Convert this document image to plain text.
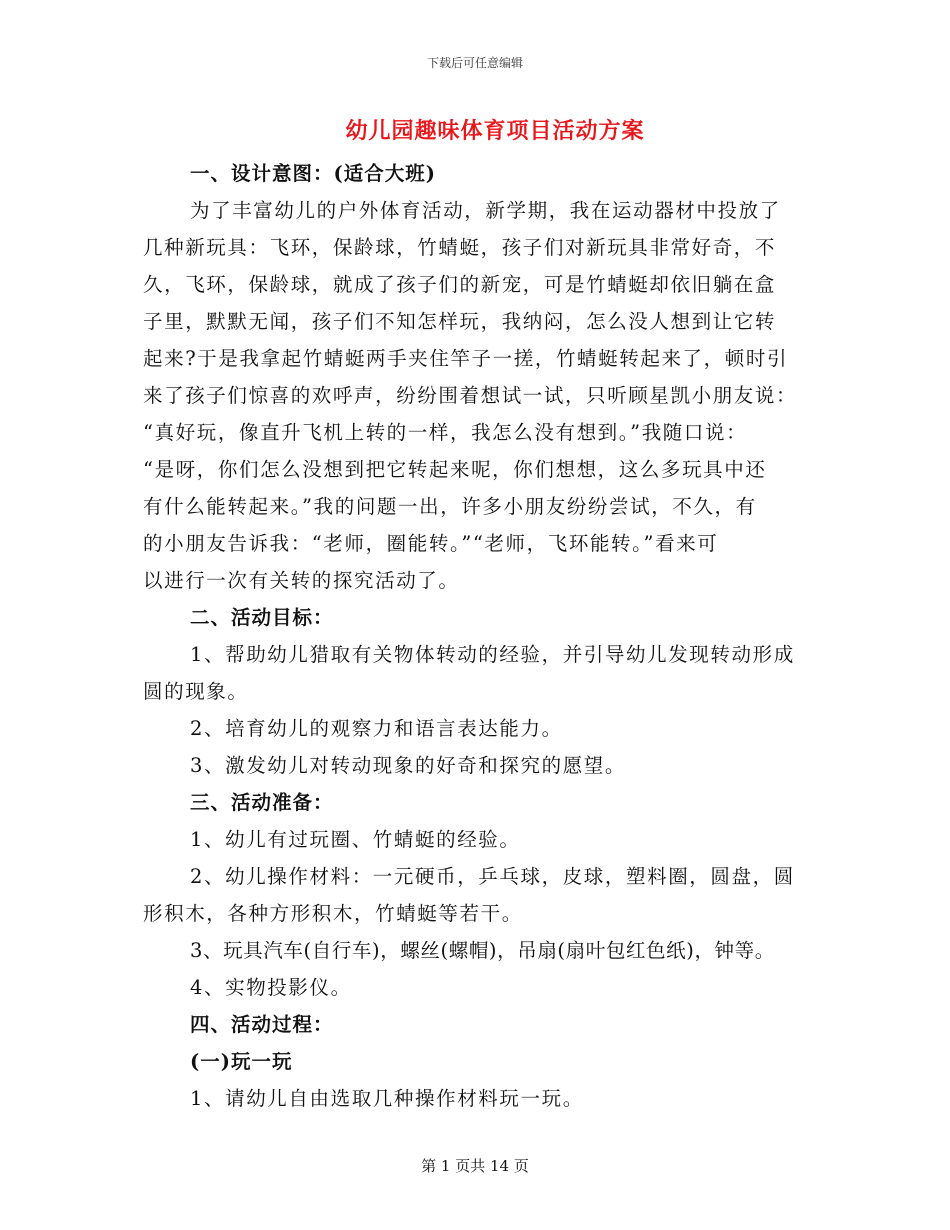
下载后可任意编辑
幼儿园趣味体育项目活动方案
一、设计意图：(适合大班)
为了丰富幼儿的户外体育活动，新学期，我在运动器材中投放了
几种新玩具：飞环，保龄球，竹蜻蜓，孩子们对新玩具非常好奇，不
久，飞环，保龄球，就成了孩子们的新宠，可是竹蜻蜓却依旧躺在盒
子里，默默无闻，孩子们不知怎样玩，我纳闷，怎么没人想到让它转
起来?于是我拿起竹蜻蜓两手夹住竿子一搓，竹蜻蜓转起来了，顿时引
来了孩子们惊喜的欢呼声，纷纷围着想试一试，只听顾星凯小朋友说：
“真好玩，像直升飞机上转的一样，我怎么没有想到。”我随口说：
“是呀，你们怎么没想到把它转起来呢，你们想想，这么多玩具中还
有什么能转起来。”我的问题一出，许多小朋友纷纷尝试，不久，有
的小朋友告诉我：“老师，圈能转。”“老师，飞环能转。”看来可
以进行一次有关转的探究活动了。
二、活动目标：
1、帮助幼儿猎取有关物体转动的经验，并引导幼儿发现转动形成
圆的现象。
2、培育幼儿的观察力和语言表达能力。
3、激发幼儿对转动现象的好奇和探究的愿望。
三、活动准备：
1、幼儿有过玩圈、竹蜻蜓的经验。
2、幼儿操作材料：一元硬币，乒乓球，皮球，塑料圈，圆盘，圆
形积木，各种方形积木，竹蜻蜓等若干。
3、玩具汽车(自行车)，螺丝(螺帽)，吊扇(扇叶包红色纸)，钟等。
4、实物投影仪。
四、活动过程：
(一)玩一玩
1、请幼儿自由选取几种操作材料玩一玩。
第 1 页共 14 页
